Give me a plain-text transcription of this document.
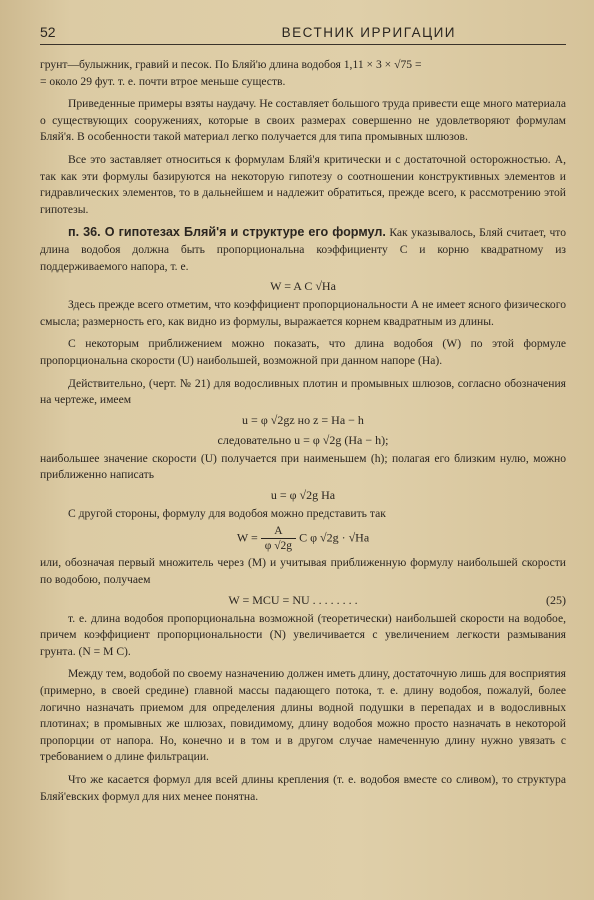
52	ВЕСТНИК ИРРИГАЦИИ

грунт—булыжник, гравий и песок. По Бляй'ю длина водобоя 1,11 × 3 × √75 =

= около 29 фут. т. е. почти втрое меньше существ.

Приведенные примеры взяты наудачу. Не составляет большого труда привести еще много материала о существующих сооружениях, которые в своих размерах совершенно не удовлетворяют формулам Бляй'я. В особенности такой материал легко получается для типа промывных шлюзов.

Все это заставляет относиться к формулам Бляй'я критически и с достаточной осторожностью. А, так как эти формулы базируются на некоторую гипотезу о соотношении конструктивных элементов и гидравлических элементов, то в дальнейшем и надлежит обратиться, прежде всего, к рассмотрению этой гипотезы.

п. 36. О гипотезах Бляй'я и структуре его формул. Как указывалось, Бляй считает, что длина водобоя должна быть пропорциональна коэффициенту С и корню квадратному из поддерживаемого напора, т. е.

W = A C √Hа

Здесь прежде всего отметим, что коэффициент пропорциональности А не имеет ясного физического смысла; размерность его, как видно из формулы, выражается корнем квадратным из длины.

С некоторым приближением можно показать, что длина водобоя (W) по этой формуле пропорциональна скорости (U) наибольшей, возможной при данном напоре (Hа).

Действительно, (черт. № 21) для водосливных плотин и промывных шлюзов, согласно обозначения на чертеже, имеем

u = φ √2gz но z = Hа − h
следовательно u = φ √2g (Hа − h);

наибольшее значение скорости (U) получается при наименьшем (h); полагая его близким нулю, можно приближенно написать

u = φ √2g Hа

С другой стороны, формулу для водобоя можно представить так

$W = \frac{A}{\varphi √2g}$ C φ √2g · √Hа

или, обозначая первый множитель через (M) и учитывая приближенную формулу наибольшей скорости по водобою, получаем

W = MCU = NU . . . . . . . .	(25)

т. е. длина водобоя пропорциональна возможной (теоретически) наибольшей скорости на водобое, причем коэффициент пропорциональности (N) увеличивается с увеличением легкости размывания грунта. (N = M C).

Между тем, водобой по своему назначению должен иметь длину, достаточную лишь для восприятия (примерно, в своей средине) главной массы падающего потока, т. е. длину водобоя, пожалуй, более логично назначать приемом для определения длины водной подушки в перепадах и в водосливных плотинах; в промывных же шлюзах, повидимому, длину водобоя можно просто назначать в некоторой пропорции от напора. Но, конечно и в том и в другом случае намеченную длину нужно увязать с требованием о длине фильтрации.

Что же касается формул для всей длины крепления (т. е. водобоя вместе со сливом), то структура Бляй'евских формул для них менее понятна.
